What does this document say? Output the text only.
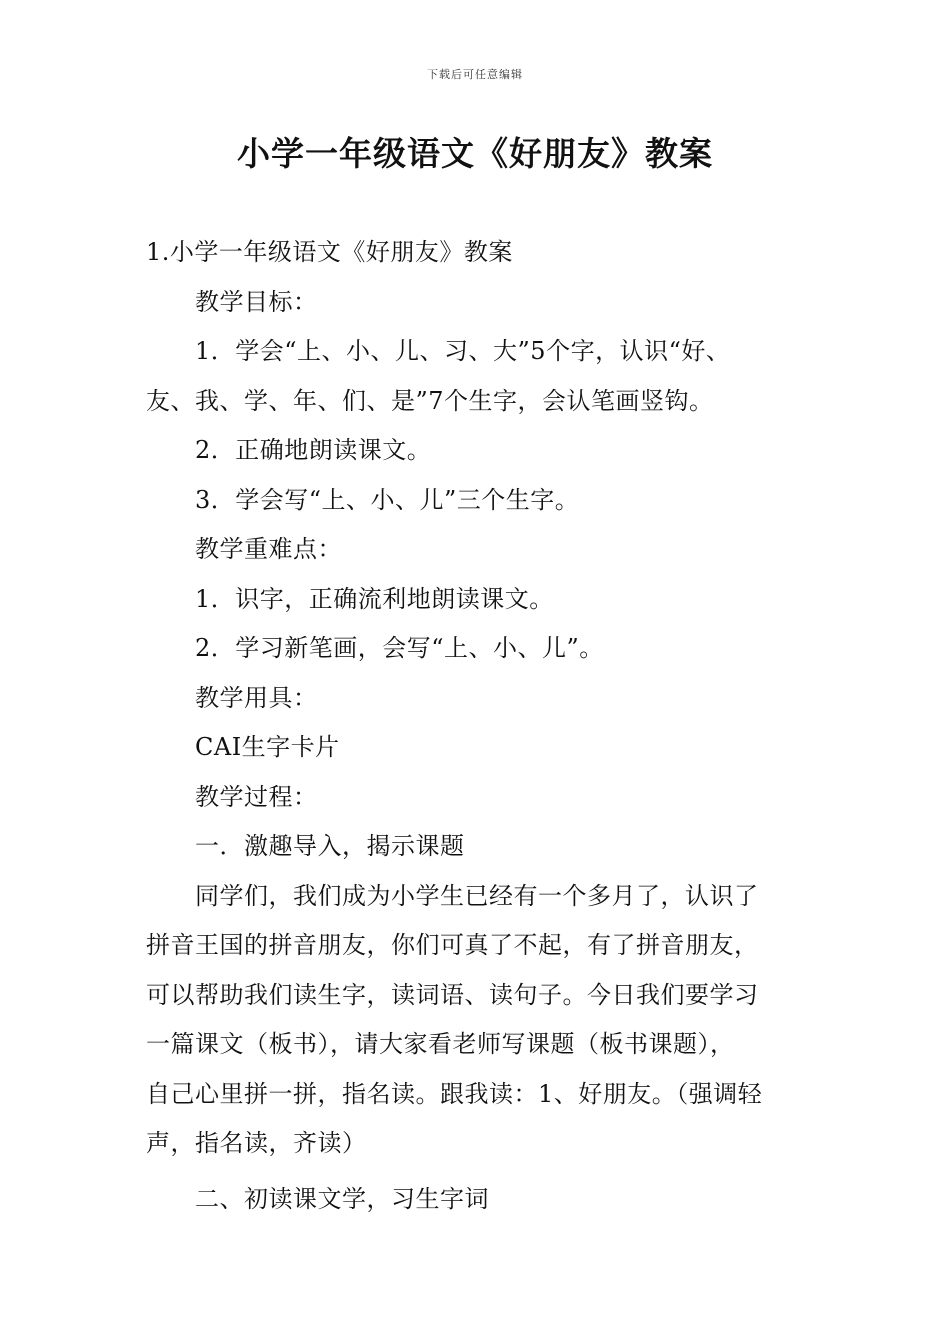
下载后可任意编辑
小学一年级语文《好朋友》教案
1.小学一年级语文《好朋友》教案
教学目标：
1．学会“上、小、儿、习、大”5个字，认识“好、
友、我、学、年、们、是”7个生字，会认笔画竖钩。
2．正确地朗读课文。
3．学会写“上、小、儿”三个生字。
教学重难点：
1．识字，正确流利地朗读课文。
2．学习新笔画，会写“上、小、儿”。
教学用具：
CAI生字卡片
教学过程：
一．激趣导入，揭示课题
同学们，我们成为小学生已经有一个多月了，认识了
拼音王国的拼音朋友，你们可真了不起，有了拼音朋友，
可以帮助我们读生字，读词语、读句子。今日我们要学习
一篇课文（板书），请大家看老师写课题（板书课题），
自己心里拼一拼，指名读。跟我读：1、好朋友。（强调轻
声，指名读，齐读）
二、初读课文学，习生字词
